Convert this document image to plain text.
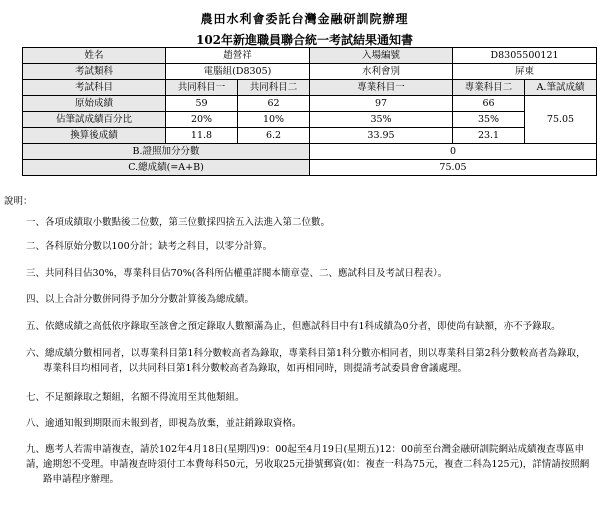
農田水利會委託台灣金融研訓院辦理
102年新進職員聯合統一考試結果通知書
姓名	趙營祥		入場編號	D8305500121	
考試類科	電腦組(D8305)		水利會別	屏東	
考試科目	共同科目一	共同科目二	專業科目一	專業科目二	A.筆試成績
原始成績	59	62	97	66	75.05
佔筆試成績百分比	20%	10%	35%	35%	
換算後成績	11.8	6.2	33.95	23.1	
B.證照加分分數			0		
C.總成績(=A+B)			75.05		
說明：
一、各項成績取小數點後二位數，第三位數採四捨五入法進入第二位數。
二、各科原始分數以100分計；缺考之科目，以零分計算。
三、共同科目佔30%，專業科目佔70%(各科所佔權重詳閱本簡章壹、二、應試科目及考試日程表）。
四、以上合計分數併同得予加分分數計算後為總成績。
五、依總成績之高低依序錄取至該會之預定錄取人數額滿為止，但應試科目中有1科成績為0分者，即使尚有缺額，亦不予錄取。
六、總成績分數相同者，以專業科目第1科分數較高者為錄取，專業科目第1科分數亦相同者，則以專業科目第2科分數較高者為錄取，
專業科目均相同者，以共同科目第1科分數較高者為錄取，如再相同時，則提請考試委員會會議處理。
七、不足額錄取之類組，名額不得流用至其他類組。
八、逾通知報到期限而未報到者，即視為放棄，並註銷錄取資格。
九、應考人若需申請複查，請於102年4月18日(星期四)9：00起至4月19日(星期五)12：00前至台灣金融研訓院網站成績複查專區申請，
逾期恕不受理。申請複查時須付工本費每科50元，另收取25元掛號郵資(如：複查一科為75元，複查二科為125元)，詳情請按照網
路申請程序辦理。
